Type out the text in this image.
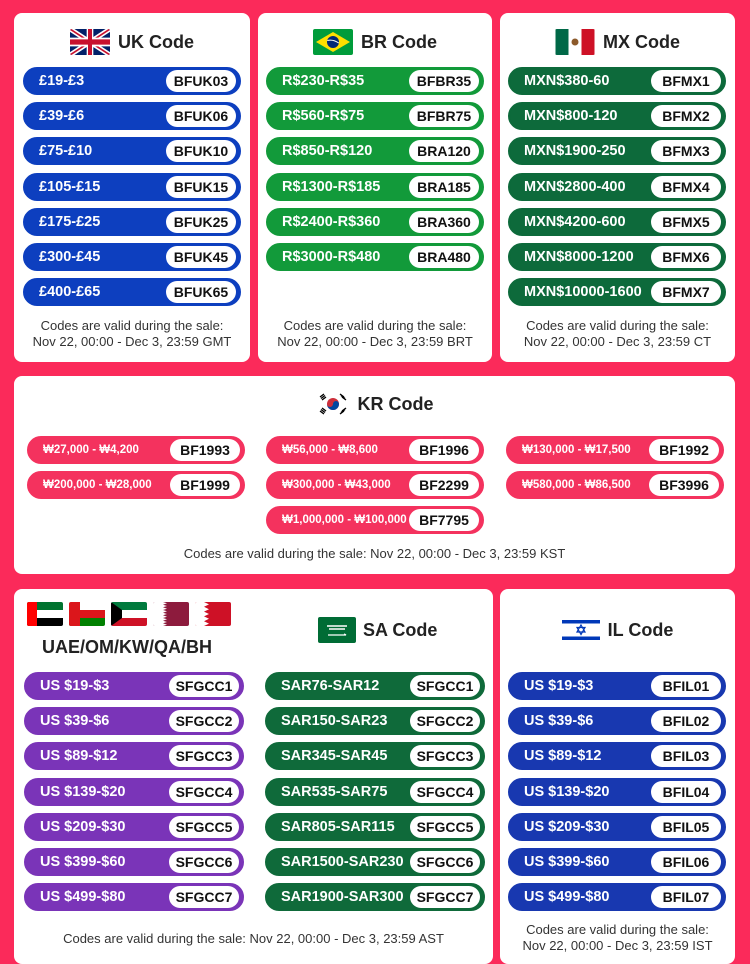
UK Code
£19-£3	BFUK03
£39-£6	BFUK06
£75-£10	BFUK10
£105-£15	BFUK15
£175-£25	BFUK25
£300-£45	BFUK45
£400-£65	BFUK65
Codes are valid during the sale:
Nov 22, 00:00 - Dec 3, 23:59 GMT
BR Code
R$230-R$35	BFBR35
R$560-R$75	BFBR75
R$850-R$120	BRA120
R$1300-R$185	BRA185
R$2400-R$360	BRA360
R$3000-R$480	BRA480
Codes are valid during the sale:
Nov 22, 00:00 - Dec 3, 23:59 BRT
MX Code
MXN$380-60	BFMX1
MXN$800-120	BFMX2
MXN$1900-250	BFMX3
MXN$2800-400	BFMX4
MXN$4200-600	BFMX5
MXN$8000-1200	BFMX6
MXN$10000-1600	BFMX7
Codes are valid during the sale:
Nov 22, 00:00 - Dec 3, 23:59 CT
KR Code
₩27,000 - ₩4,200	BF1993	₩56,000 - ₩8,600	BF1996	₩130,000 - ₩17,500	BF1992
₩200,000 - ₩28,000	BF1999	₩300,000 - ₩43,000	BF2299	₩580,000 - ₩86,500	BF3996
₩1,000,000 - ₩100,000 BF7795
Codes are valid during the sale: Nov 22, 00:00 - Dec 3, 23:59 KST
UAE/OM/KW/QA/BH
SA Code
US $19-$3	SFGCC1
US $39-$6	SFGCC2
US $89-$12	SFGCC3
US $139-$20	SFGCC4
US $209-$30	SFGCC5
US $399-$60	SFGCC6
US $499-$80	SFGCC7
SAR76-SAR12	SFGCC1
SAR150-SAR23	SFGCC2
SAR345-SAR45	SFGCC3
SAR535-SAR75	SFGCC4
SAR805-SAR115	SFGCC5
SAR1500-SAR230 SFGCC6
SAR1900-SAR300 SFGCC7
Codes are valid during the sale: Nov 22, 00:00 - Dec 3, 23:59 AST
IL Code
US $19-$3	BFIL01
US $39-$6	BFIL02
US $89-$12	BFIL03
US $139-$20	BFIL04
US $209-$30	BFIL05
US $399-$60	BFIL06
US $499-$80	BFIL07
Codes are valid during the sale:
Nov 22, 00:00 - Dec 3, 23:59 IST
